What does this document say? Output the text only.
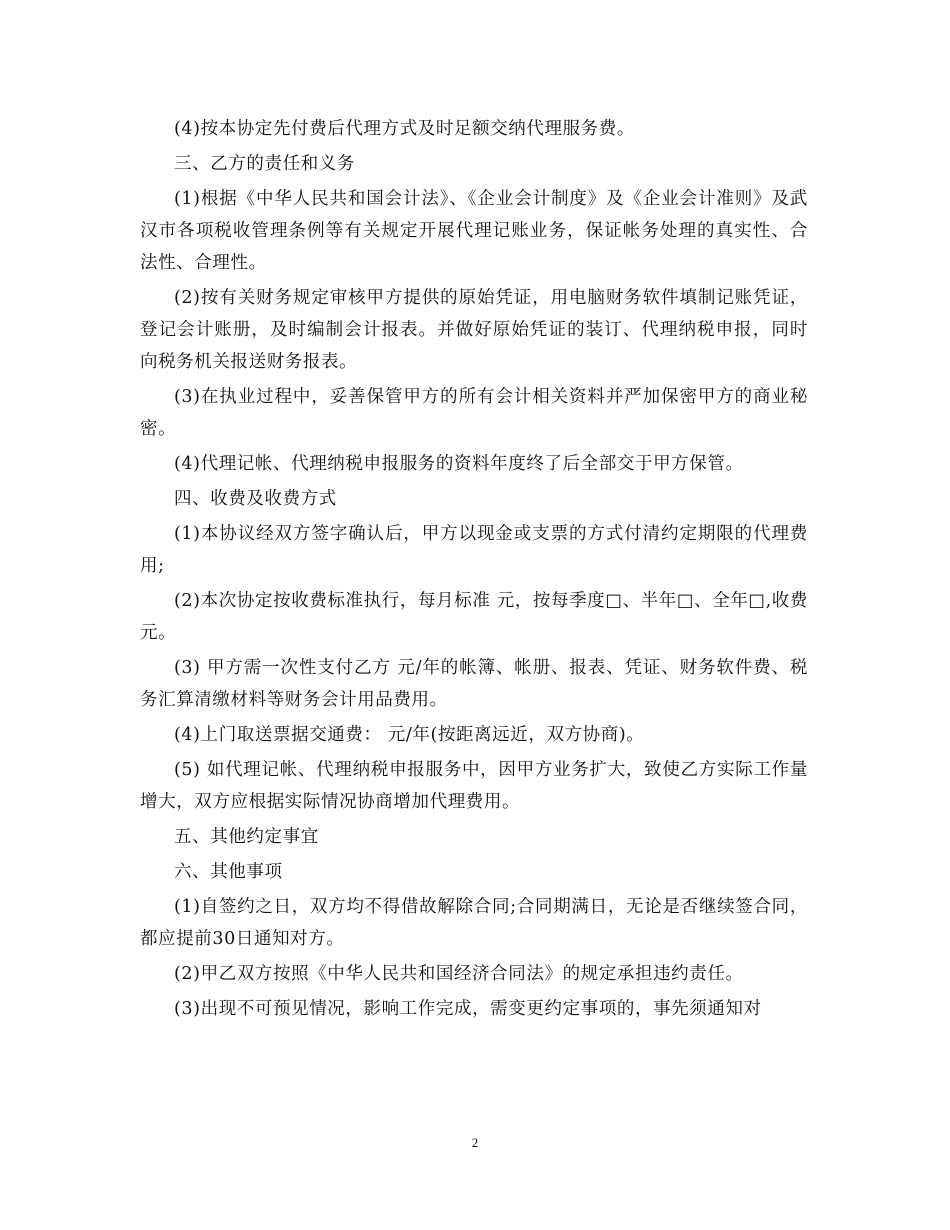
(4)按本协定先付费后代理方式及时足额交纳代理服务费。

三、乙方的责任和义务

(1)根据《中华人民共和国会计法》、《企业会计制度》及《企业会计准则》及武汉市各项税收管理条例等有关规定开展代理记账业务，保证帐务处理的真实性、合法性、合理性。

(2)按有关财务规定审核甲方提供的原始凭证，用电脑财务软件填制记账凭证，登记会计账册，及时编制会计报表。并做好原始凭证的装订、代理纳税申报，同时向税务机关报送财务报表。

(3)在执业过程中，妥善保管甲方的所有会计相关资料并严加保密甲方的商业秘密。

(4)代理记帐、代理纳税申报服务的资料年度终了后全部交于甲方保管。

四、收费及收费方式

(1)本协议经双方签字确认后，甲方以现金或支票的方式付清约定期限的代理费用;

(2)本次协定按收费标准执行，每月标准 元，按每季度□、半年□、全年□,收费 元。

(3) 甲方需一次性支付乙方 元/年的帐簿、帐册、报表、凭证、财务软件费、税务汇算清缴材料等财务会计用品费用。

(4)上门取送票据交通费： 元/年(按距离远近，双方协商)。

(5) 如代理记帐、代理纳税申报服务中，因甲方业务扩大，致使乙方实际工作量增大，双方应根据实际情况协商增加代理费用。

五、其他约定事宜

六、其他事项

(1)自签约之日，双方均不得借故解除合同;合同期满日，无论是否继续签合同，都应提前30日通知对方。

(2)甲乙双方按照《中华人民共和国经济合同法》的规定承担违约责任。

(3)出现不可预见情况，影响工作完成，需变更约定事项的，事先须通知对

2
